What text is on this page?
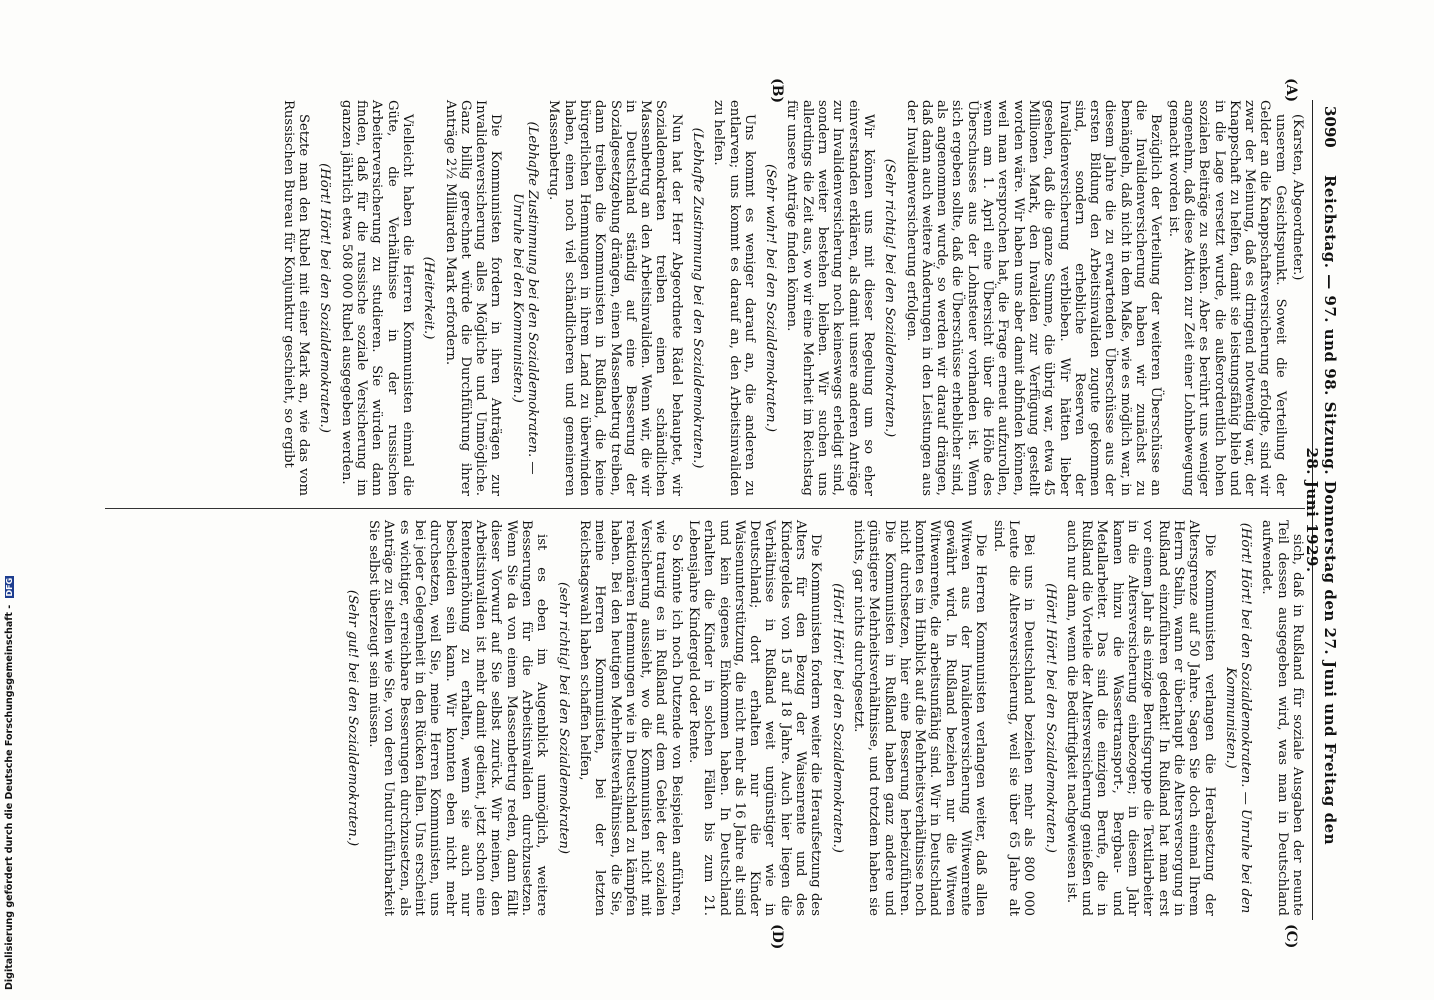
3090
Reichstag. — 97. und 98. Sitzung. Donnerstag den 27. Juni und Freitag den 28. Juni 1929.
(A)
(B)
(C)
(D)

(Karsten, Abgeordneter.)

unserem Gesichtspunkt. Soweit die Verteilung der Gelder an die Knappschaftsversicherung erfolgte, sind wir zwar der Meinung, daß es dringend notwendig war, der Knappschaft zu helfen, damit sie leistungsfähig blieb und in die Lage versetzt wurde, die außerordentlich hohen sozialen Beiträge zu senken. Aber es berührt uns weniger angenehm, daß diese Aktion zur Zeit einer Lohnbewegung gemacht worden ist.

Bezüglich der Verteilung der weiteren Überschüsse an die Invalidenversicherung haben wir zunächst zu bemängeln, daß nicht in dem Maße, wie es möglich war, in diesem Jahre die zu erwartenden Überschüsse aus der ersten Bildung den Arbeitsinvaliden zugute gekommen sind, sondern erhebliche Reserven der Invalidenversicherung verblieben. Wir hätten lieber gesehen, daß die ganze Summe, die übrig war, etwa 45 Millionen Mark, den Invaliden zur Verfügung gestellt worden wäre. Wir haben uns aber damit abfinden können, weil man versprochen hat, die Frage erneut aufzurollen, wenn am 1. April eine Übersicht über die Höhe des Überschusses aus der Lohnsteuer vorhanden ist. Wenn sich ergeben sollte, daß die Überschüsse erheblicher sind, als angenommen wurde, so werden wir darauf drängen, daß dann auch weitere Änderungen in den Leistungen aus der Invalidenversicherung erfolgen.

(Sehr richtig! bei den Sozialdemokraten.)

Wir können uns mit dieser Regelung um so eher einverstanden erklären, als damit unsere anderen Anträge zur Invalidenversicherung noch keineswegs erledigt sind, sondern weiter bestehen bleiben. Wir suchen uns allerdings die Zeit aus, wo wir eine Mehrheit im Reichstag für unsere Anträge finden können.

(Sehr wahr! bei den Sozialdemokraten.)

Uns kommt es weniger darauf an, die anderen zu entlarven; uns kommt es darauf an, den Arbeitsinvaliden zu helfen.

(Lebhafte Zustimmung bei den Sozialdemokraten.)

Nun hat der Herr Abgeordnete Rädel behauptet, wir Sozialdemokraten treiben einen schändlichen Massenbetrug an den Arbeitsinvaliden. Wenn wir, die wir in Deutschland ständig auf eine Besserung der Sozialgesetzgebung drängen, einen Massenbetrug treiben, dann treiben die Kommunisten in Rußland, die keine bürgerlichen Hemmungen in ihrem Land zu überwinden haben, einen noch viel schändlicheren und gemeineren Massenbetrug.

(Lebhafte Zustimmung bei den Sozialdemokraten. — Unruhe bei den Kommunisten.)

Die Kommunisten fordern in ihren Anträgen zur Invalidenversicherung alles Mögliche und Unmögliche. Ganz billig gerechnet würde die Durchführung ihrer Anträge 2½ Milliarden Mark erfordern.

(Heiterkeit.)

Vielleicht haben die Herren Kommunisten einmal die Güte, die Verhältnisse in der russischen Arbeiterversicherung zu studieren. Sie würden dann finden, daß für die russische soziale Versicherung im ganzen jährlich etwa 508 000 Rubel ausgegeben werden.

(Hört! Hört! bei den Sozialdemokraten.)

Setzte man den Rubel mit einer Mark an, wie das vom Russischen Bureau für Konjunktur geschieht, so ergibt

sich, daß in Rußland für soziale Ausgaben der neunte Teil dessen ausgegeben wird, was man in Deutschland aufwendet.

(Hört! Hört! bei den Sozialdemokraten. — Unruhe bei den Kommunisten.)

Die Kommunisten verlangen die Herabsetzung der Altersgrenze auf 50 Jahre. Sagen Sie doch einmal Ihrem Herrn Stalin, wann er überhaupt die Altersversorgung in Rußland einzuführen gedenkt! In Rußland hat man erst vor einem Jahr als einzige Berufsgruppe die Textilarbeiter in die Altersversicherung einbezogen; in diesem Jahr kamen hinzu die Wassertransport-, Bergbau- und Metallarbeiter. Das sind die einzigen Berufe, die in Rußland die Vorteile der Altersversicherung genießen und auch nur dann, wenn die Bedürftigkeit nachgewiesen ist.

(Hört! Hört! bei den Sozialdemokraten.)

Bei uns in Deutschland beziehen mehr als 800 000 Leute die Altersversicherung, weil sie über 65 Jahre alt sind.

Die Herren Kommunisten verlangen weiter, daß allen Witwen aus der Invalidenversicherung Witwenrente gewährt wird. In Rußland beziehen nur die Witwen Witwenrente, die arbeitsunfähig sind. Wir in Deutschland konnten es im Hinblick auf die Mehrheitsverhältnisse noch nicht durchsetzen, hier eine Besserung herbeizuführen. Die Kommunisten in Rußland haben ganz andere und günstigere Mehrheitsverhältnisse, und trotzdem haben sie nichts, gar nichts durchgesetzt.

(Hört! Hört! bei den Sozialdemokraten.)

Die Kommunisten fordern weiter die Heraufsetzung des Alters für den Bezug der Waisenrente und des Kindergeldes von 15 auf 18 Jahre. Auch hier liegen die Verhältnisse in Rußland weit ungünstiger wie in Deutschland; dort erhalten nur die Kinder Waisenunterstützung, die nicht mehr als 16 Jahre alt sind und kein eigenes Einkommen haben. In Deutschland erhalten die Kinder in solchen Fällen bis zum 21. Lebensjahre Kindergeld oder Rente.

So könnte ich noch Dutzende von Beispielen anführen, wie traurig es in Rußland auf dem Gebiet der sozialen Versicherung aussieht, wo die Kommunisten nicht mit reaktionären Hemmungen wie in Deutschland zu kämpfen haben. Bei den heutigen Mehrheitsverhältnissen, die Sie, meine Herren Kommunisten, bei der letzten Reichstagswahl haben schaffen helfen,

(sehr richtig! bei den Sozialdemokraten)

ist es eben im Augenblick unmöglich, weitere Besserungen für die Arbeitsinvaliden durchzusetzen. Wenn Sie da von einem Massenbetrug reden, dann fällt dieser Vorwurf auf Sie selbst zurück. Wir meinen, den Arbeitsinvaliden ist mehr damit gedient, jetzt schon eine Rentenerhöhung zu erhalten, wenn sie auch nur bescheiden sein kann. Wir konnten eben nicht mehr durchsetzen, weil Sie, meine Herren Kommunisten, uns bei jeder Gelegenheit in den Rücken fallen. Uns erscheint es wichtiger, erreichbare Besserungen durchzusetzen, als Anträge zu stellen wie Sie, von deren Undurchführbarkeit Sie selbst überzeugt sein müssen.

(Sehr gut! bei den Sozialdemokraten.)

Digitalisierung gefördert durch die Deutsche Forschungsgemeinschaft - DFG
